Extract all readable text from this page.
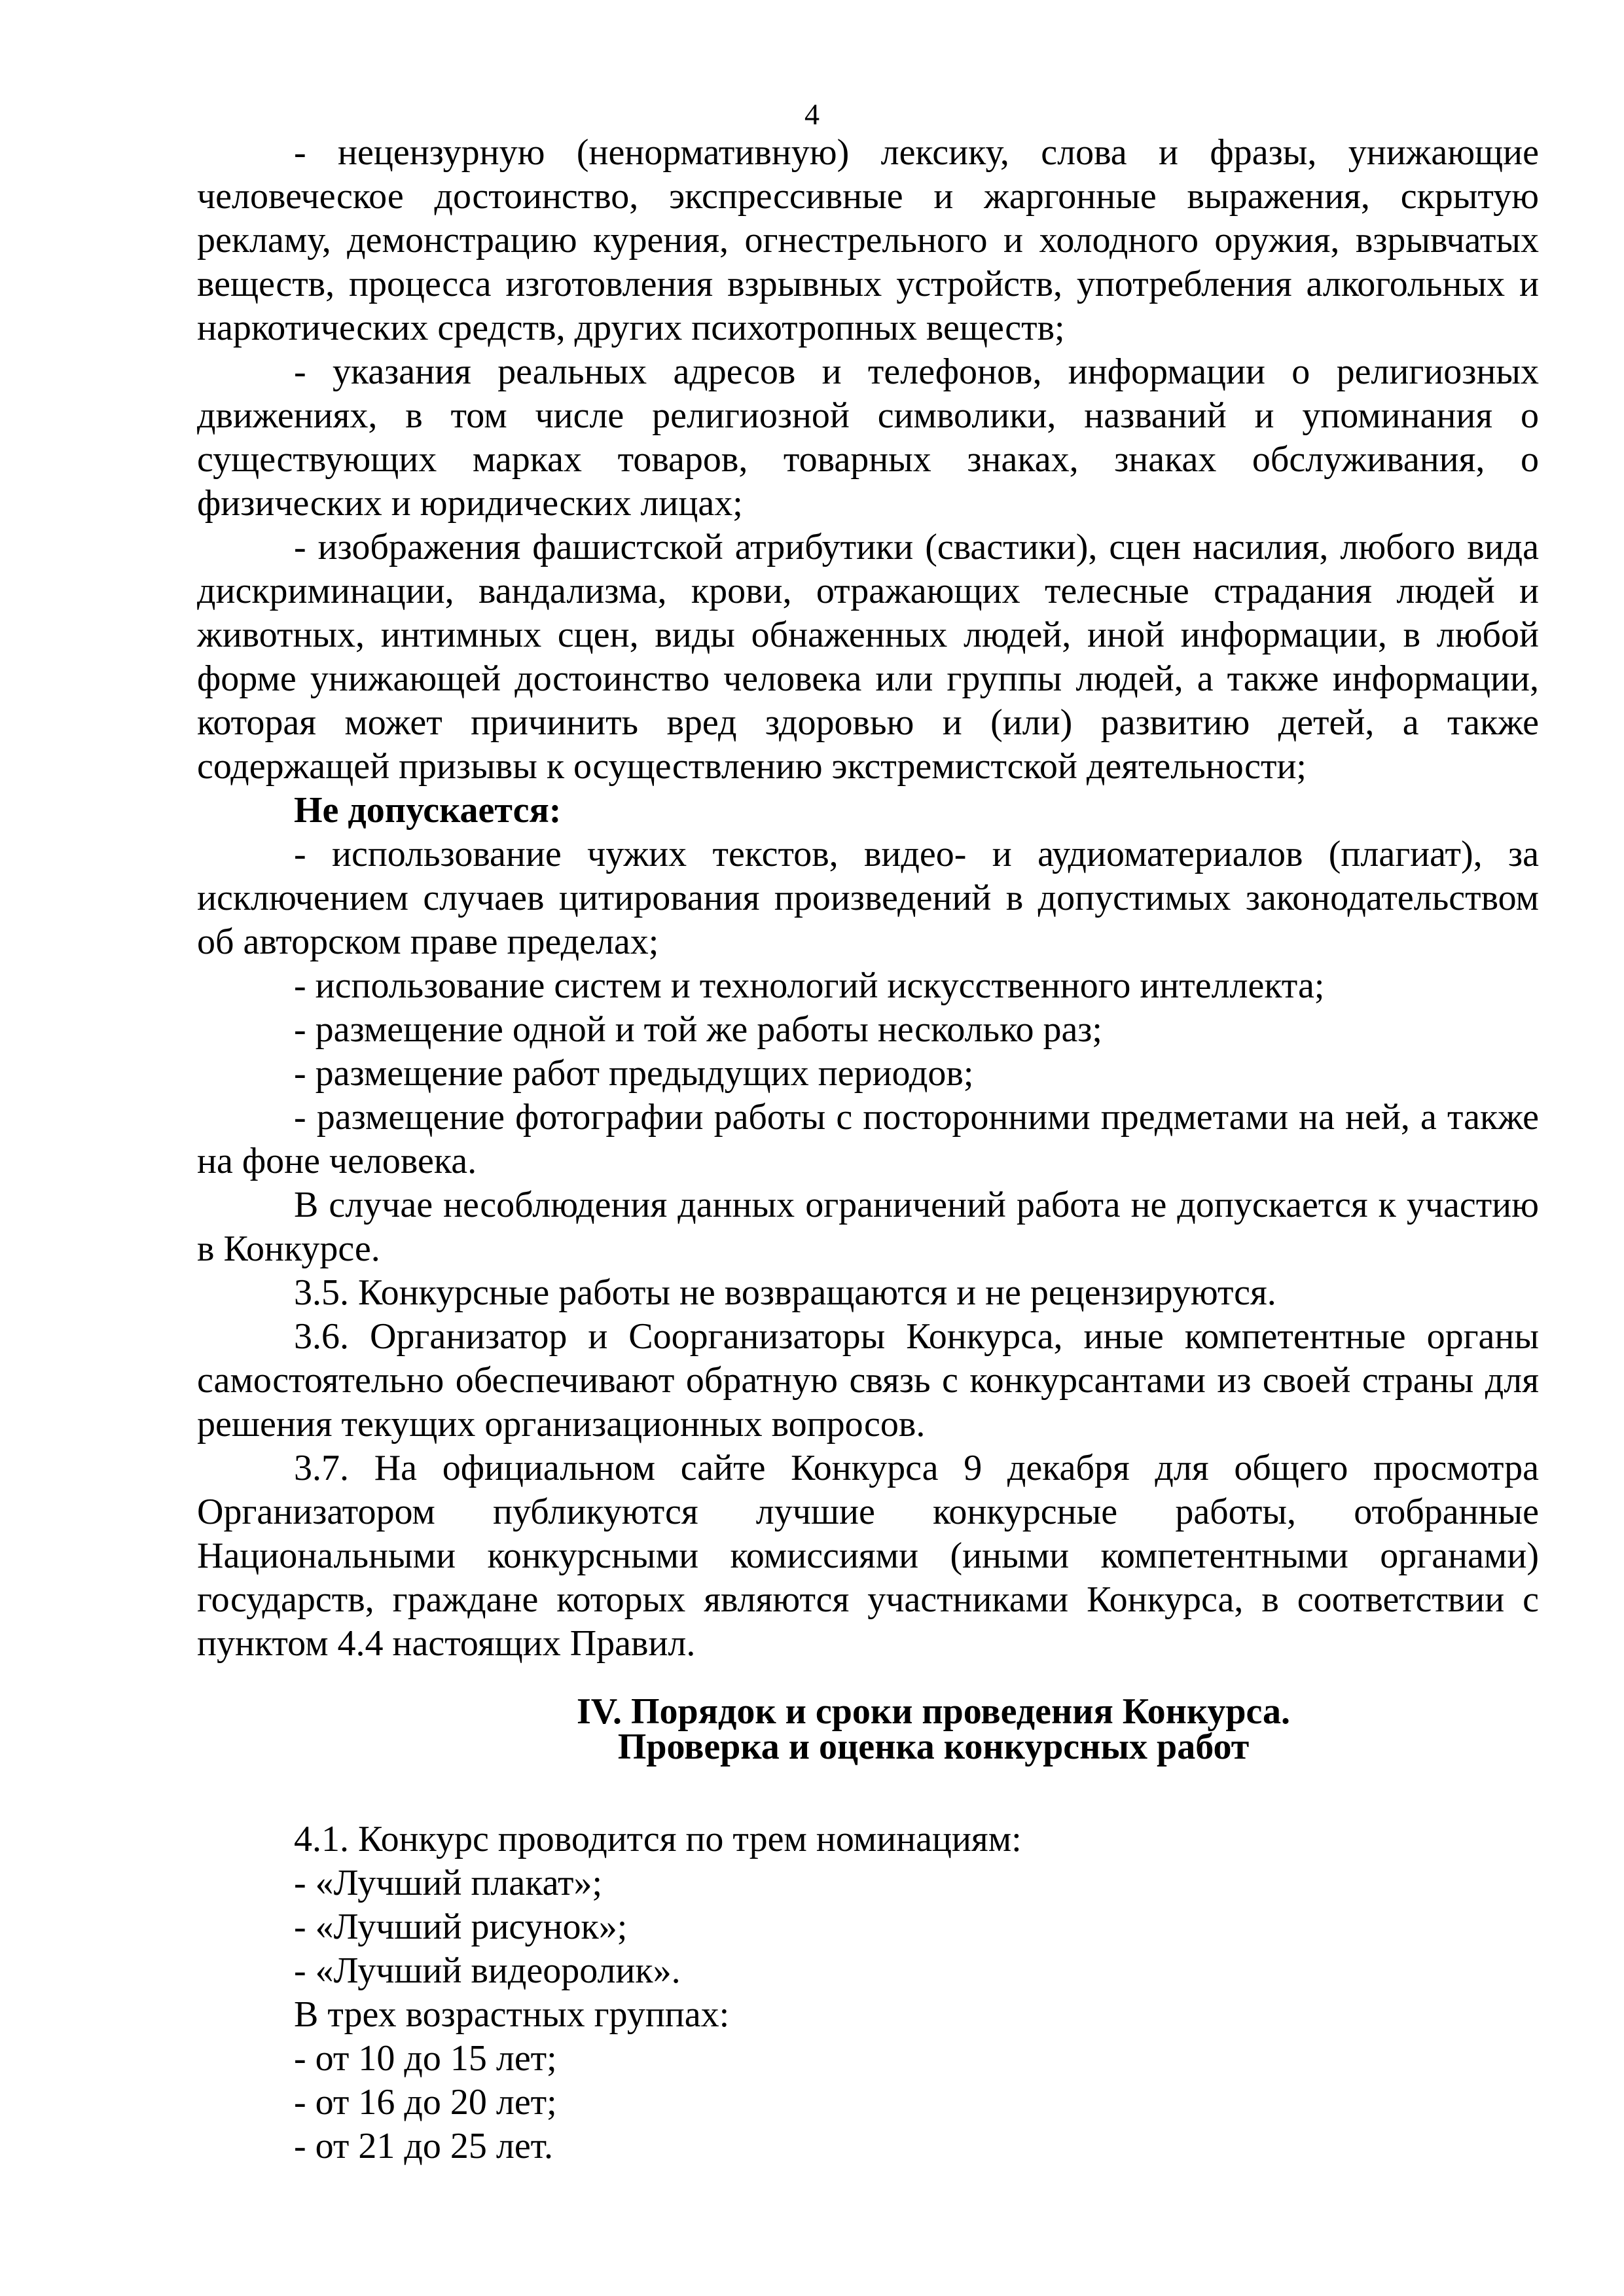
4

- нецензурную (ненормативную) лексику, слова и фразы, унижающие человеческое достоинство, экспрессивные и жаргонные выражения, скрытую рекламу, демонстрацию курения, огнестрельного и холодного оружия, взрывчатых веществ, процесса изготовления взрывных устройств, употребления алкогольных и наркотических средств, других психотропных веществ;

- указания реальных адресов и телефонов, информации о религиозных движениях, в том числе религиозной символики, названий и упоминания о существующих марках товаров, товарных знаках, знаках обслуживания, о физических и юридических лицах;

- изображения фашистской атрибутики (свастики), сцен насилия, любого вида дискриминации, вандализма, крови, отражающих телесные страдания людей и животных, интимных сцен, виды обнаженных людей, иной информации, в любой форме унижающей достоинство человека или группы людей, а также информации, которая может причинить вред здоровью и (или) развитию детей, а также содержащей призывы к осуществлению экстремистской деятельности;

Не допускается:

- использование чужих текстов, видео- и аудиоматериалов (плагиат), за исключением случаев цитирования произведений в допустимых законодательством об авторском праве пределах;

- использование систем и технологий искусственного интеллекта;

- размещение одной и той же работы несколько раз;

- размещение работ предыдущих периодов;

- размещение фотографии работы с посторонними предметами на ней, а также на фоне человека.

В случае несоблюдения данных ограничений работа не допускается к участию в Конкурсе.

3.5. Конкурсные работы не возвращаются и не рецензируются.

3.6. Организатор и Соорганизаторы Конкурса, иные компетентные органы самостоятельно обеспечивают обратную связь с конкурсантами из своей страны для решения текущих организационных вопросов.

3.7. На официальном сайте Конкурса 9 декабря для общего просмотра Организатором публикуются лучшие конкурсные работы, отобранные Национальными конкурсными комиссиями (иными компетентными органами) государств, граждане которых являются участниками Конкурса, в соответствии с пунктом 4.4 настоящих Правил.

IV. Порядок и сроки проведения Конкурса.
Проверка и оценка конкурсных работ

4.1. Конкурс проводится по трем номинациям:

- «Лучший плакат»;

- «Лучший рисунок»;

- «Лучший видеоролик».

В трех возрастных группах:

- от 10 до 15 лет;

- от 16 до 20 лет;

- от 21 до 25 лет.
